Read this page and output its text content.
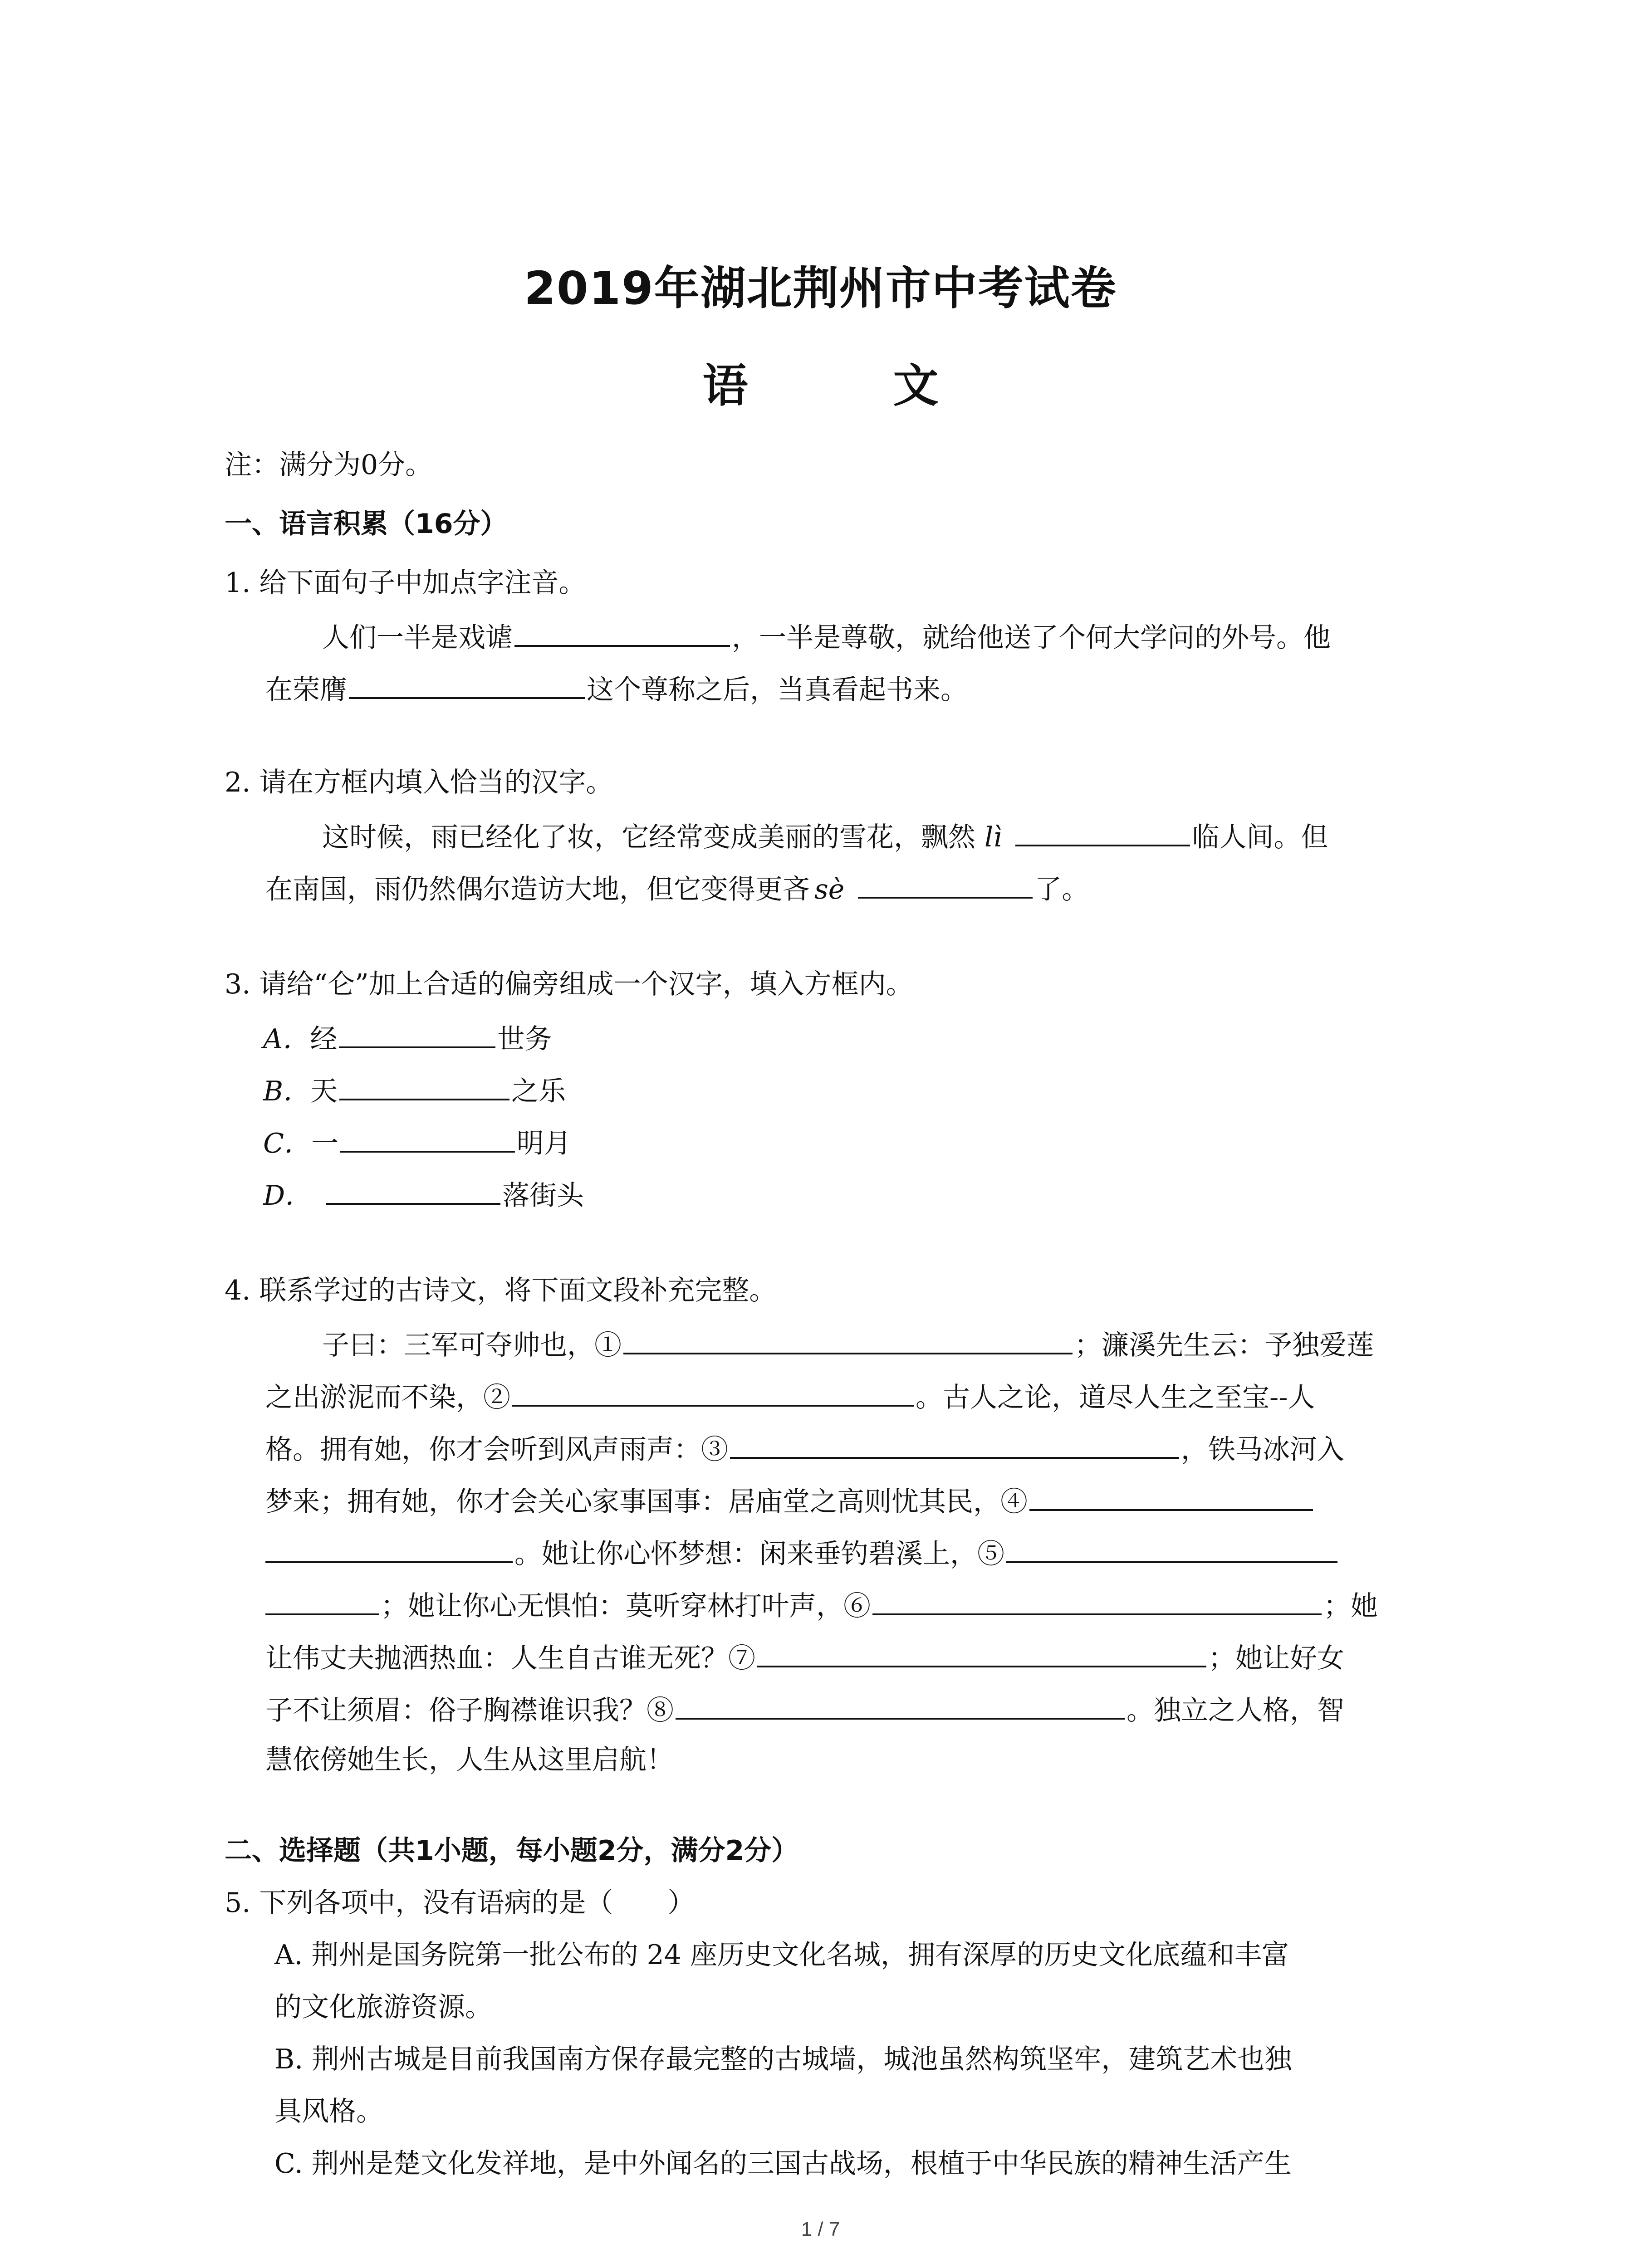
2019年湖北荆州市中考试卷
语　文
注：满分为0分。
一、语言积累（16分）
1. 给下面句子中加点字注音。
人们一半是戏谑	，一半是尊敬，就给他送了个何大学问的外号。他
在荣膺	这个尊称之后，当真看起书来。
2. 请在方框内填入恰当的汉字。
这时候，雨已经化了妆，它经常变成美丽的雪花，飘然 lì	临人间。但
在南国，雨仍然偶尔造访大地，但它变得更吝 sè	了。
3. 请给“仑”加上合适的偏旁组成一个汉字，填入方框内。
A．经	世务
B．天	之乐
C．一	明月
D．	落街头
4. 联系学过的古诗文，将下面文段补充完整。
子曰：三军可夺帅也，①	；濂溪先生云：予独爱莲
之出淤泥而不染，②	。古人之论，道尽人生之至宝--人
格。拥有她，你才会听到风声雨声：③	，铁马冰河入
梦来；拥有她，你才会关心家事国事：居庙堂之高则忧其民，④
。她让你心怀梦想：闲来垂钓碧溪上，⑤
；她让你心无惧怕：莫听穿林打叶声，⑥	；她
让伟丈夫抛洒热血：人生自古谁无死？⑦	；她让好女
子不让须眉：俗子胸襟谁识我？⑧	。独立之人格，智
慧依傍她生长，人生从这里启航！
二、选择题（共1小题，每小题2分，满分2分）
5. 下列各项中，没有语病的是（　　）
A. 荆州是国务院第一批公布的 24 座历史文化名城，拥有深厚的历史文化底蕴和丰富
的文化旅游资源。
B. 荆州古城是目前我国南方保存最完整的古城墙，城池虽然构筑坚牢，建筑艺术也独
具风格。
C. 荆州是楚文化发祥地，是中外闻名的三国古战场，根植于中华民族的精神生活产生
1 / 7
